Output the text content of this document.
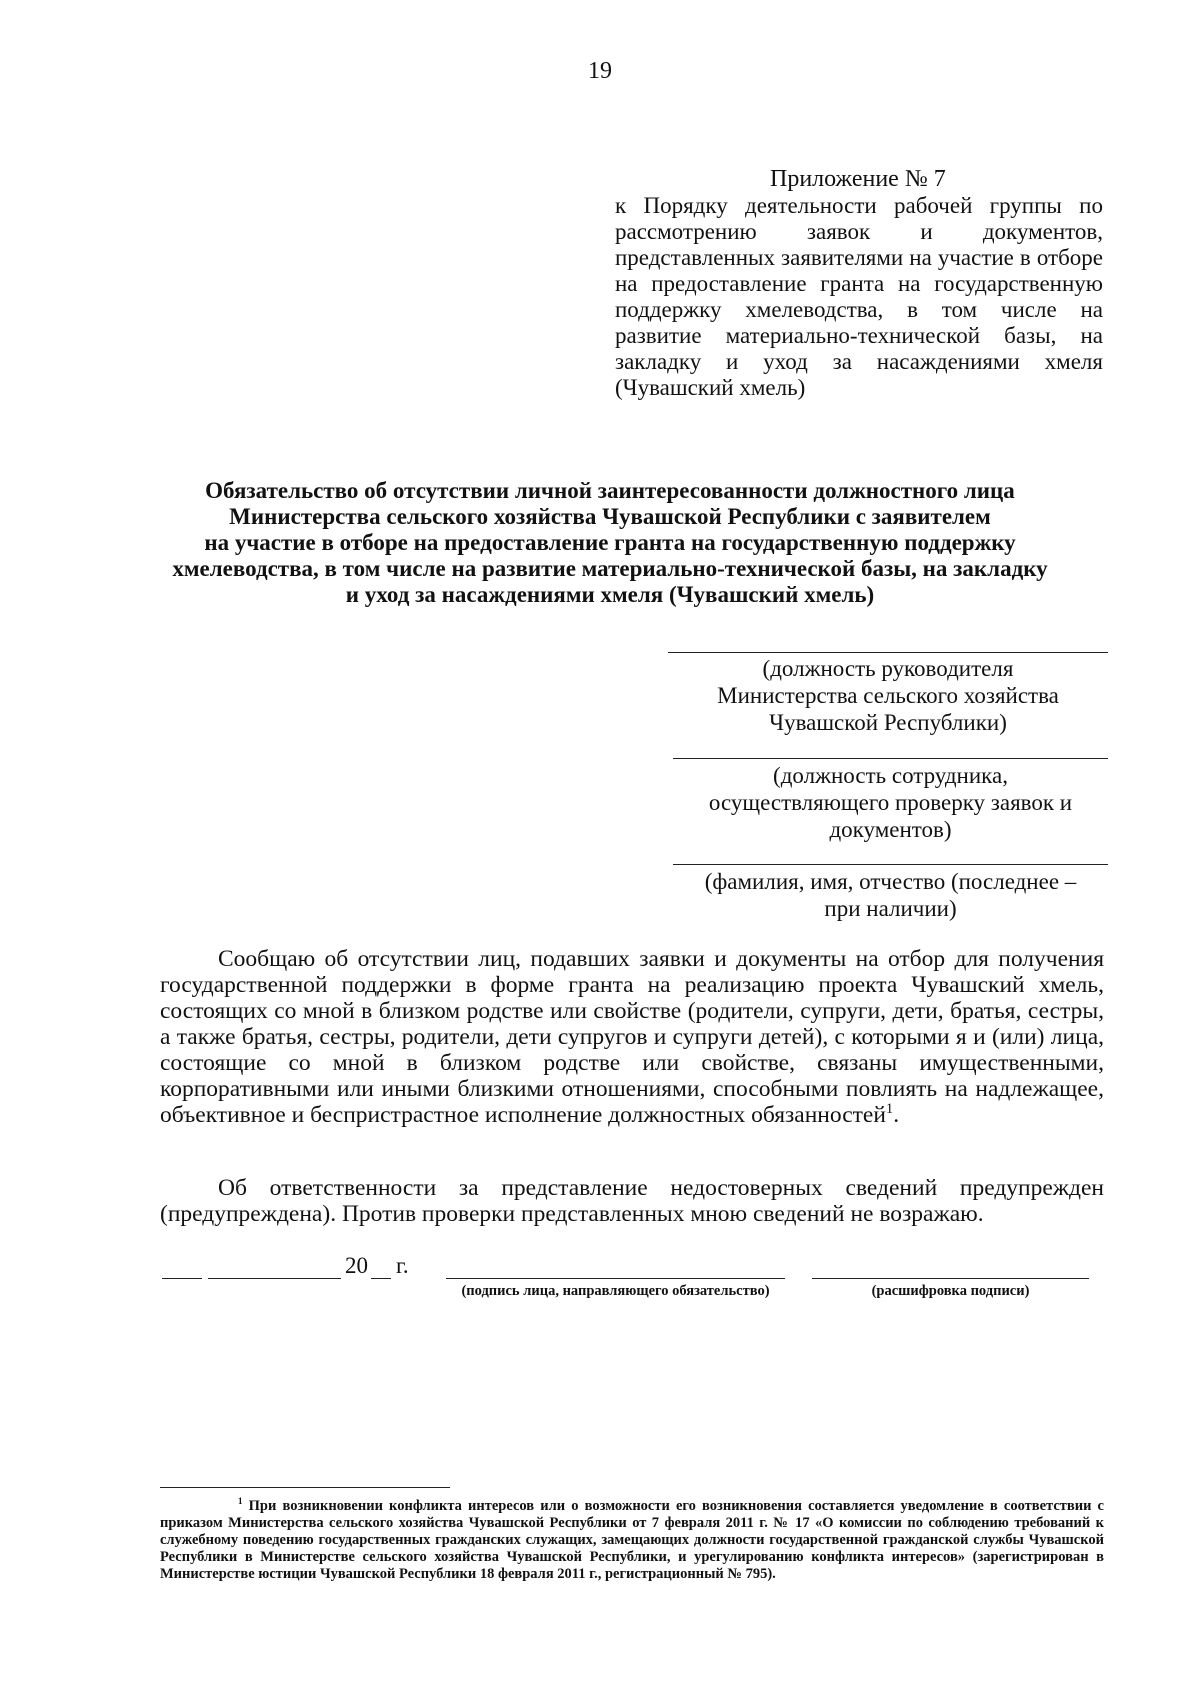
19
Приложение № 7
к Порядку деятельности рабочей группы по рассмотрению заявок и документов, представленных заявителями на участие в отборе на предоставление гранта на государственную поддержку хмелеводства, в том числе на развитие материально-технической базы, на закладку и уход за насаждениями хмеля (Чувашский хмель)
Обязательство об отсутствии личной заинтересованности должностного лица
Министерства сельского хозяйства Чувашской Республики с заявителем
на участие в отборе на предоставление гранта на государственную поддержку
хмелеводства, в том числе на развитие материально-технической базы, на закладку
и уход за насаждениями хмеля (Чувашский хмель)
(должность руководителя
Министерства сельского хозяйства
Чувашской Республики)
(должность сотрудника,
осуществляющего проверку заявок и
документов)
(фамилия, имя, отчество (последнее –
при наличии)
Сообщаю об отсутствии лиц, подавших заявки и документы на отбор для получения государственной поддержки в форме гранта на реализацию проекта Чувашский хмель, состоящих со мной в близком родстве или свойстве (родители, супруги, дети, братья, сестры, а также братья, сестры, родители, дети супругов и супруги детей), с которыми я и (или) лица, состоящие со мной в близком родстве или свойстве, связаны имущественными, корпоративными или иными близкими отношениями, способными повлиять на надлежащее, объективное и беспристрастное исполнение должностных обязанностей$^1$.
Об ответственности за представление недостоверных сведений предупрежден (предупреждена). Против проверки представленных мною сведений не возражаю.
20 г.
(подпись лица, направляющего обязательство)	(расшифровка подписи)
$^1$ При возникновении конфликта интересов или о возможности его возникновения составляется уведомление в соответствии с приказом Министерства сельского хозяйства Чувашской Республики от 7 февраля 2011 г. № 17 «О комиссии по соблюдению требований к служебному поведению государственных гражданских служащих, замещающих должности государственной гражданской службы Чувашской Республики в Министерстве сельского хозяйства Чувашской Республики, и урегулированию конфликта интересов» (зарегистрирован в Министерстве юстиции Чувашской Республики 18 февраля 2011 г., регистрационный № 795).
